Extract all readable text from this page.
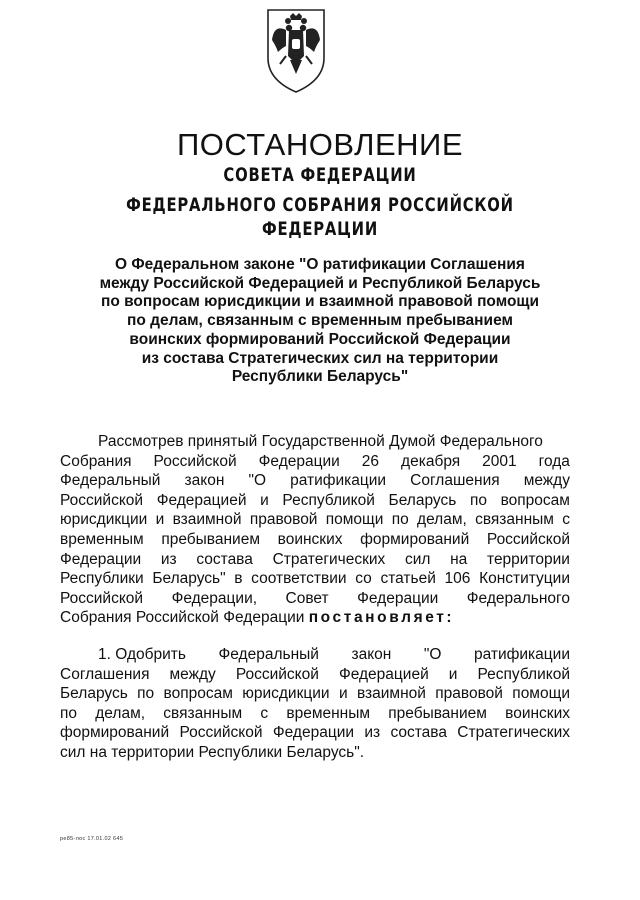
ПОСТАНОВЛЕНИЕ
СОВЕТА ФЕДЕРАЦИИ
ФЕДЕРАЛЬНОГО СОБРАНИЯ РОССИЙСКОЙ ФЕДЕРАЦИИ
О Федеральном законе "О ратификации Соглашения
между Российской Федерацией и Республикой Беларусь
по вопросам юрисдикции и взаимной правовой помощи
по делам, связанным с временным пребыванием
воинских формирований Российской Федерации
из состава Стратегических сил на территории
Республики Беларусь"
Рассмотрев принятый Государственной Думой Федерального
Собрания Российской Федерации 26 декабря 2001 года
Федеральный закон "О ратификации Соглашения между
Российской Федерацией и Республикой Беларусь по вопросам
юрисдикции и взаимной правовой помощи по делам, связанным с
временным пребыванием воинских формирований Российской
Федерации из состава Стратегических сил на территории
Республики Беларусь" в соответствии со статьей 106 Конституции
Российской Федерации, Совет Федерации Федерального
Собрания Российской Федерации постановляет:
1. Одобрить Федеральный закон "О ратификации
Соглашения между Российской Федерацией и Республикой
Беларусь по вопросам юрисдикции и взаимной правовой помощи
по делам, связанным с временным пребыванием воинских
формирований Российской Федерации из состава Стратегических
сил на территории Республики Беларусь".
ре85-лос 17.01.02 645
